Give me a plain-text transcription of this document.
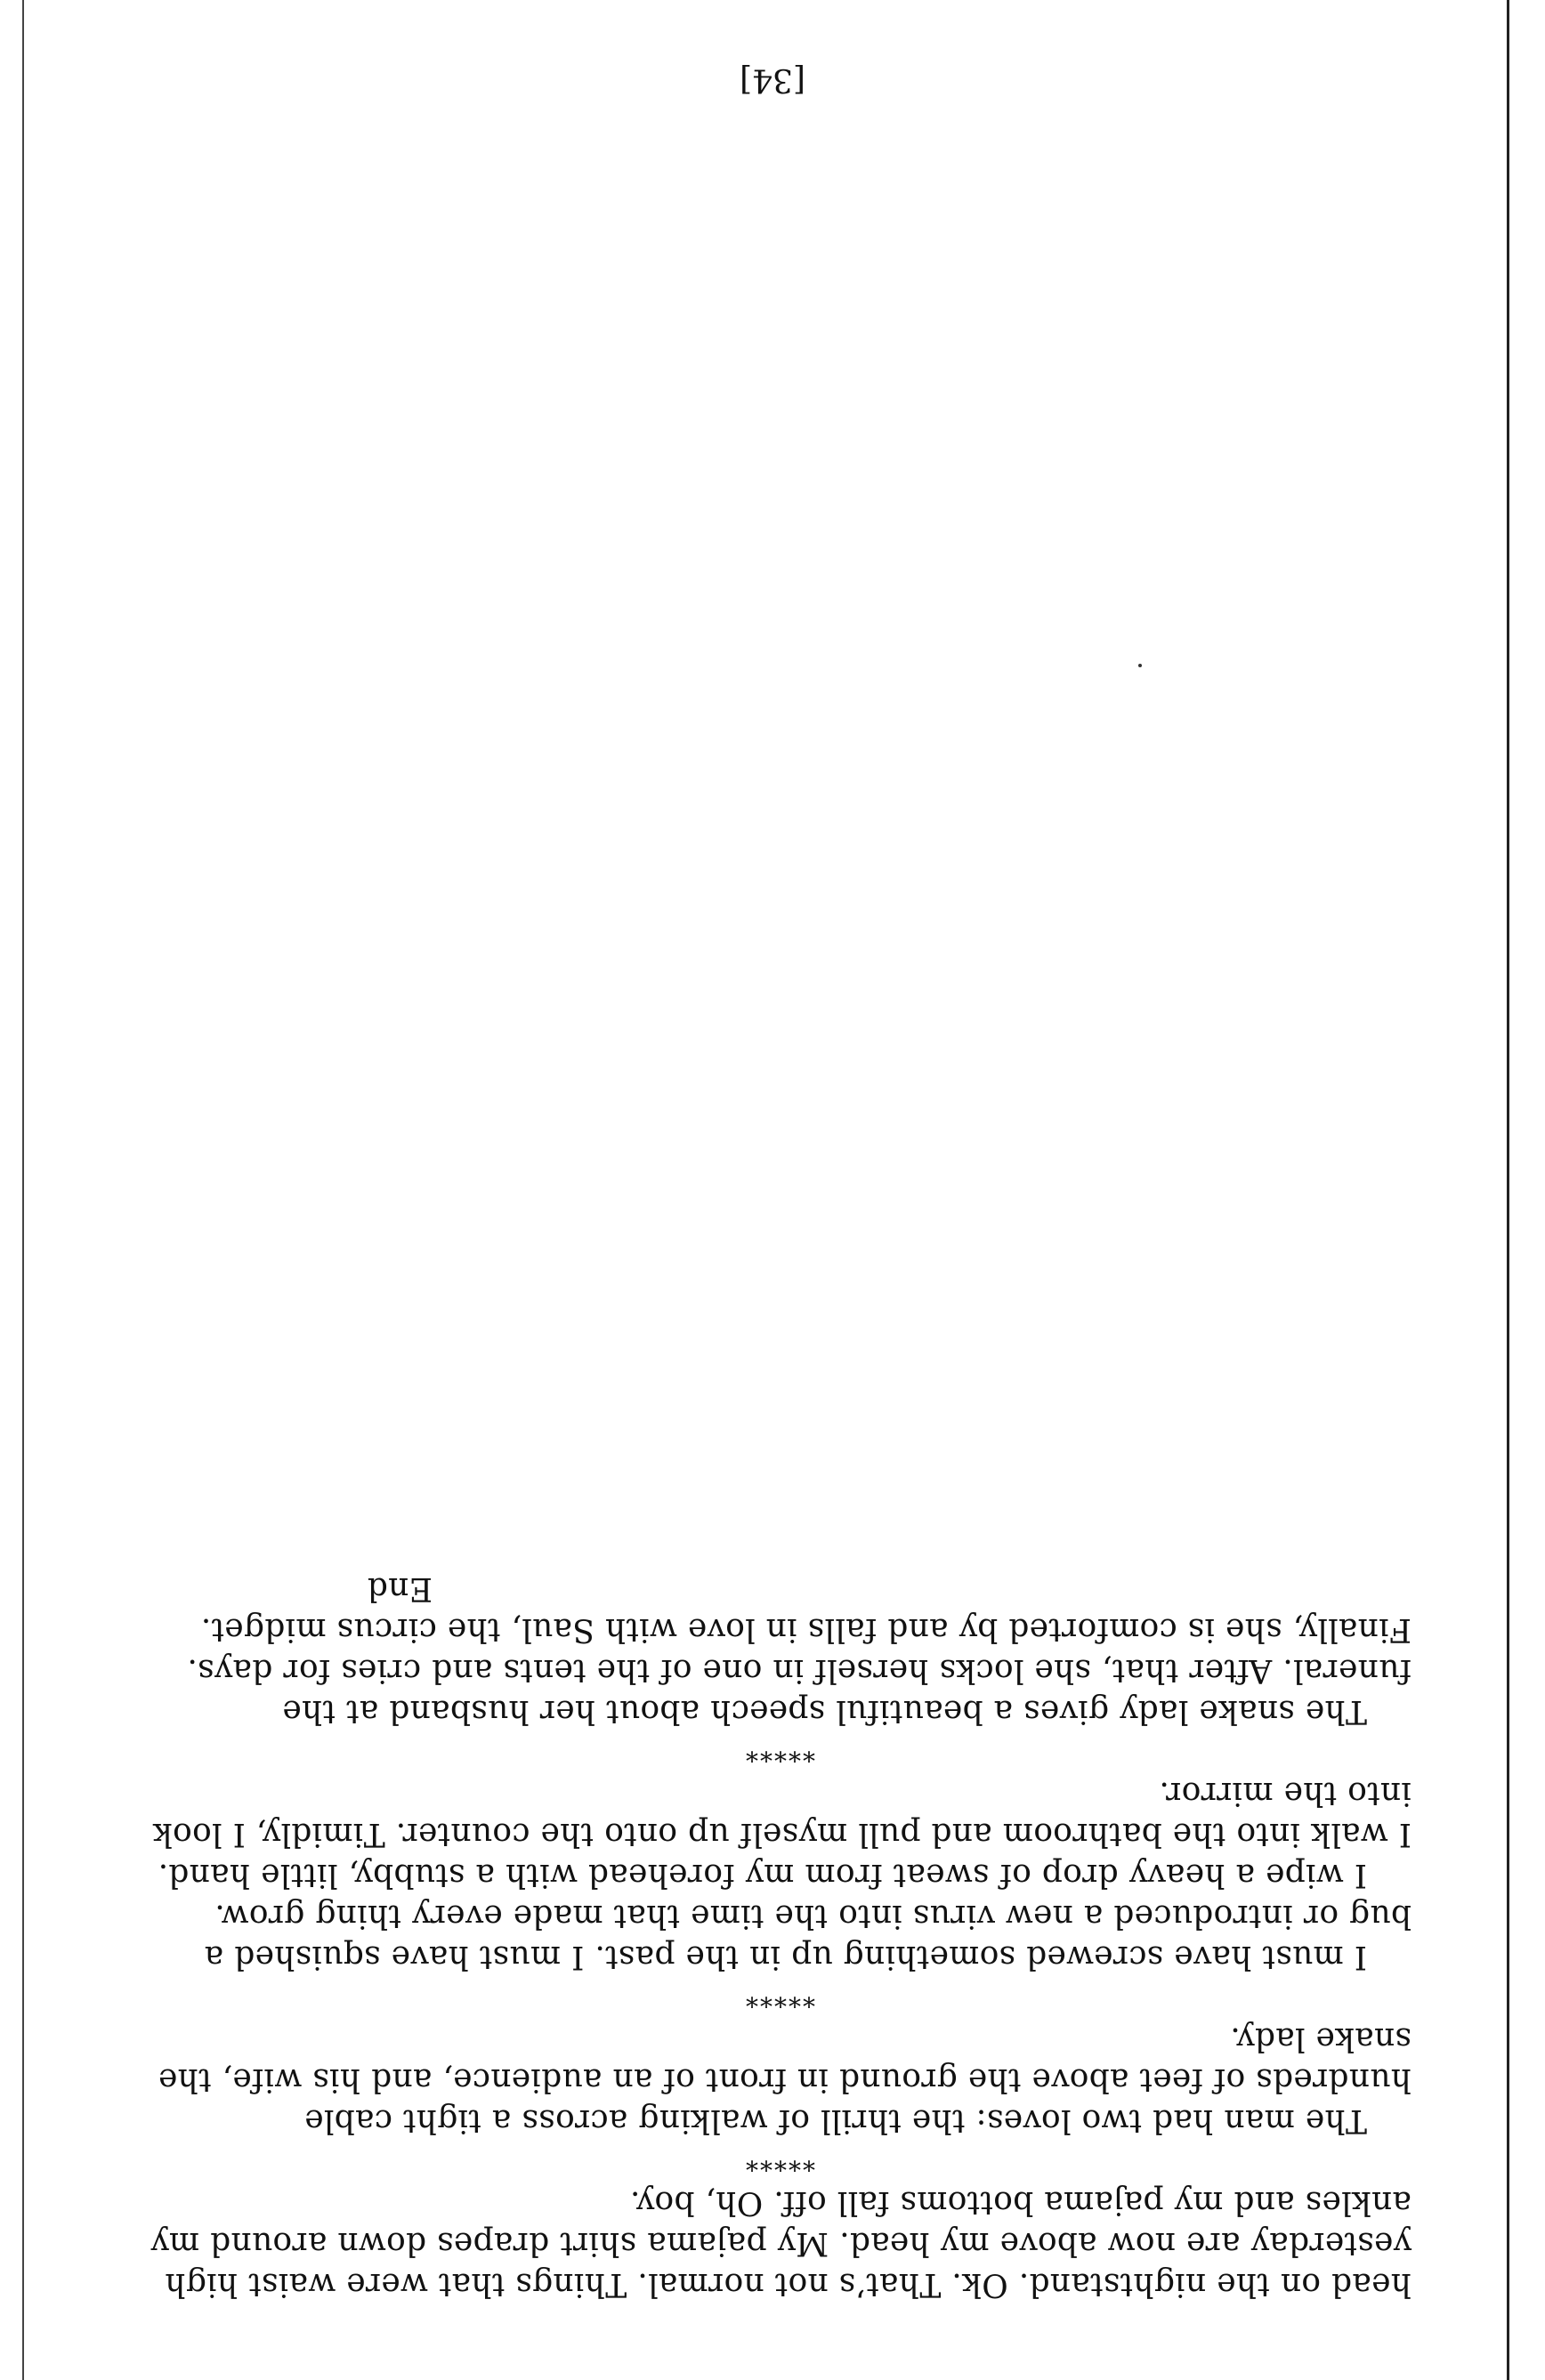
head on the nightstand. Ok. That’s not normal. Things that were waist high yesterday are now above my head. My pajama shirt drapes down around my ankles and my pajama bottoms fall off. Oh, boy.

*****

The man had two loves: the thrill of walking across a tight cable hundreds of feet above the ground in front of an audience, and his wife, the snake lady.

*****

I must have screwed something up in the past. I must have squished a bug or introduced a new virus into the time that made every thing grow.

I wipe a heavy drop of sweat from my forehead with a stubby, little hand. I walk into the bathroom and pull myself up onto the counter. Timidly, I look into the mirror.

*****

The snake lady gives a beautiful speech about her husband at the funeral. After that, she locks herself in one of the tents and cries for days. Finally, she is comforted by and falls in love with Saul, the circus midget.

End

[34]
